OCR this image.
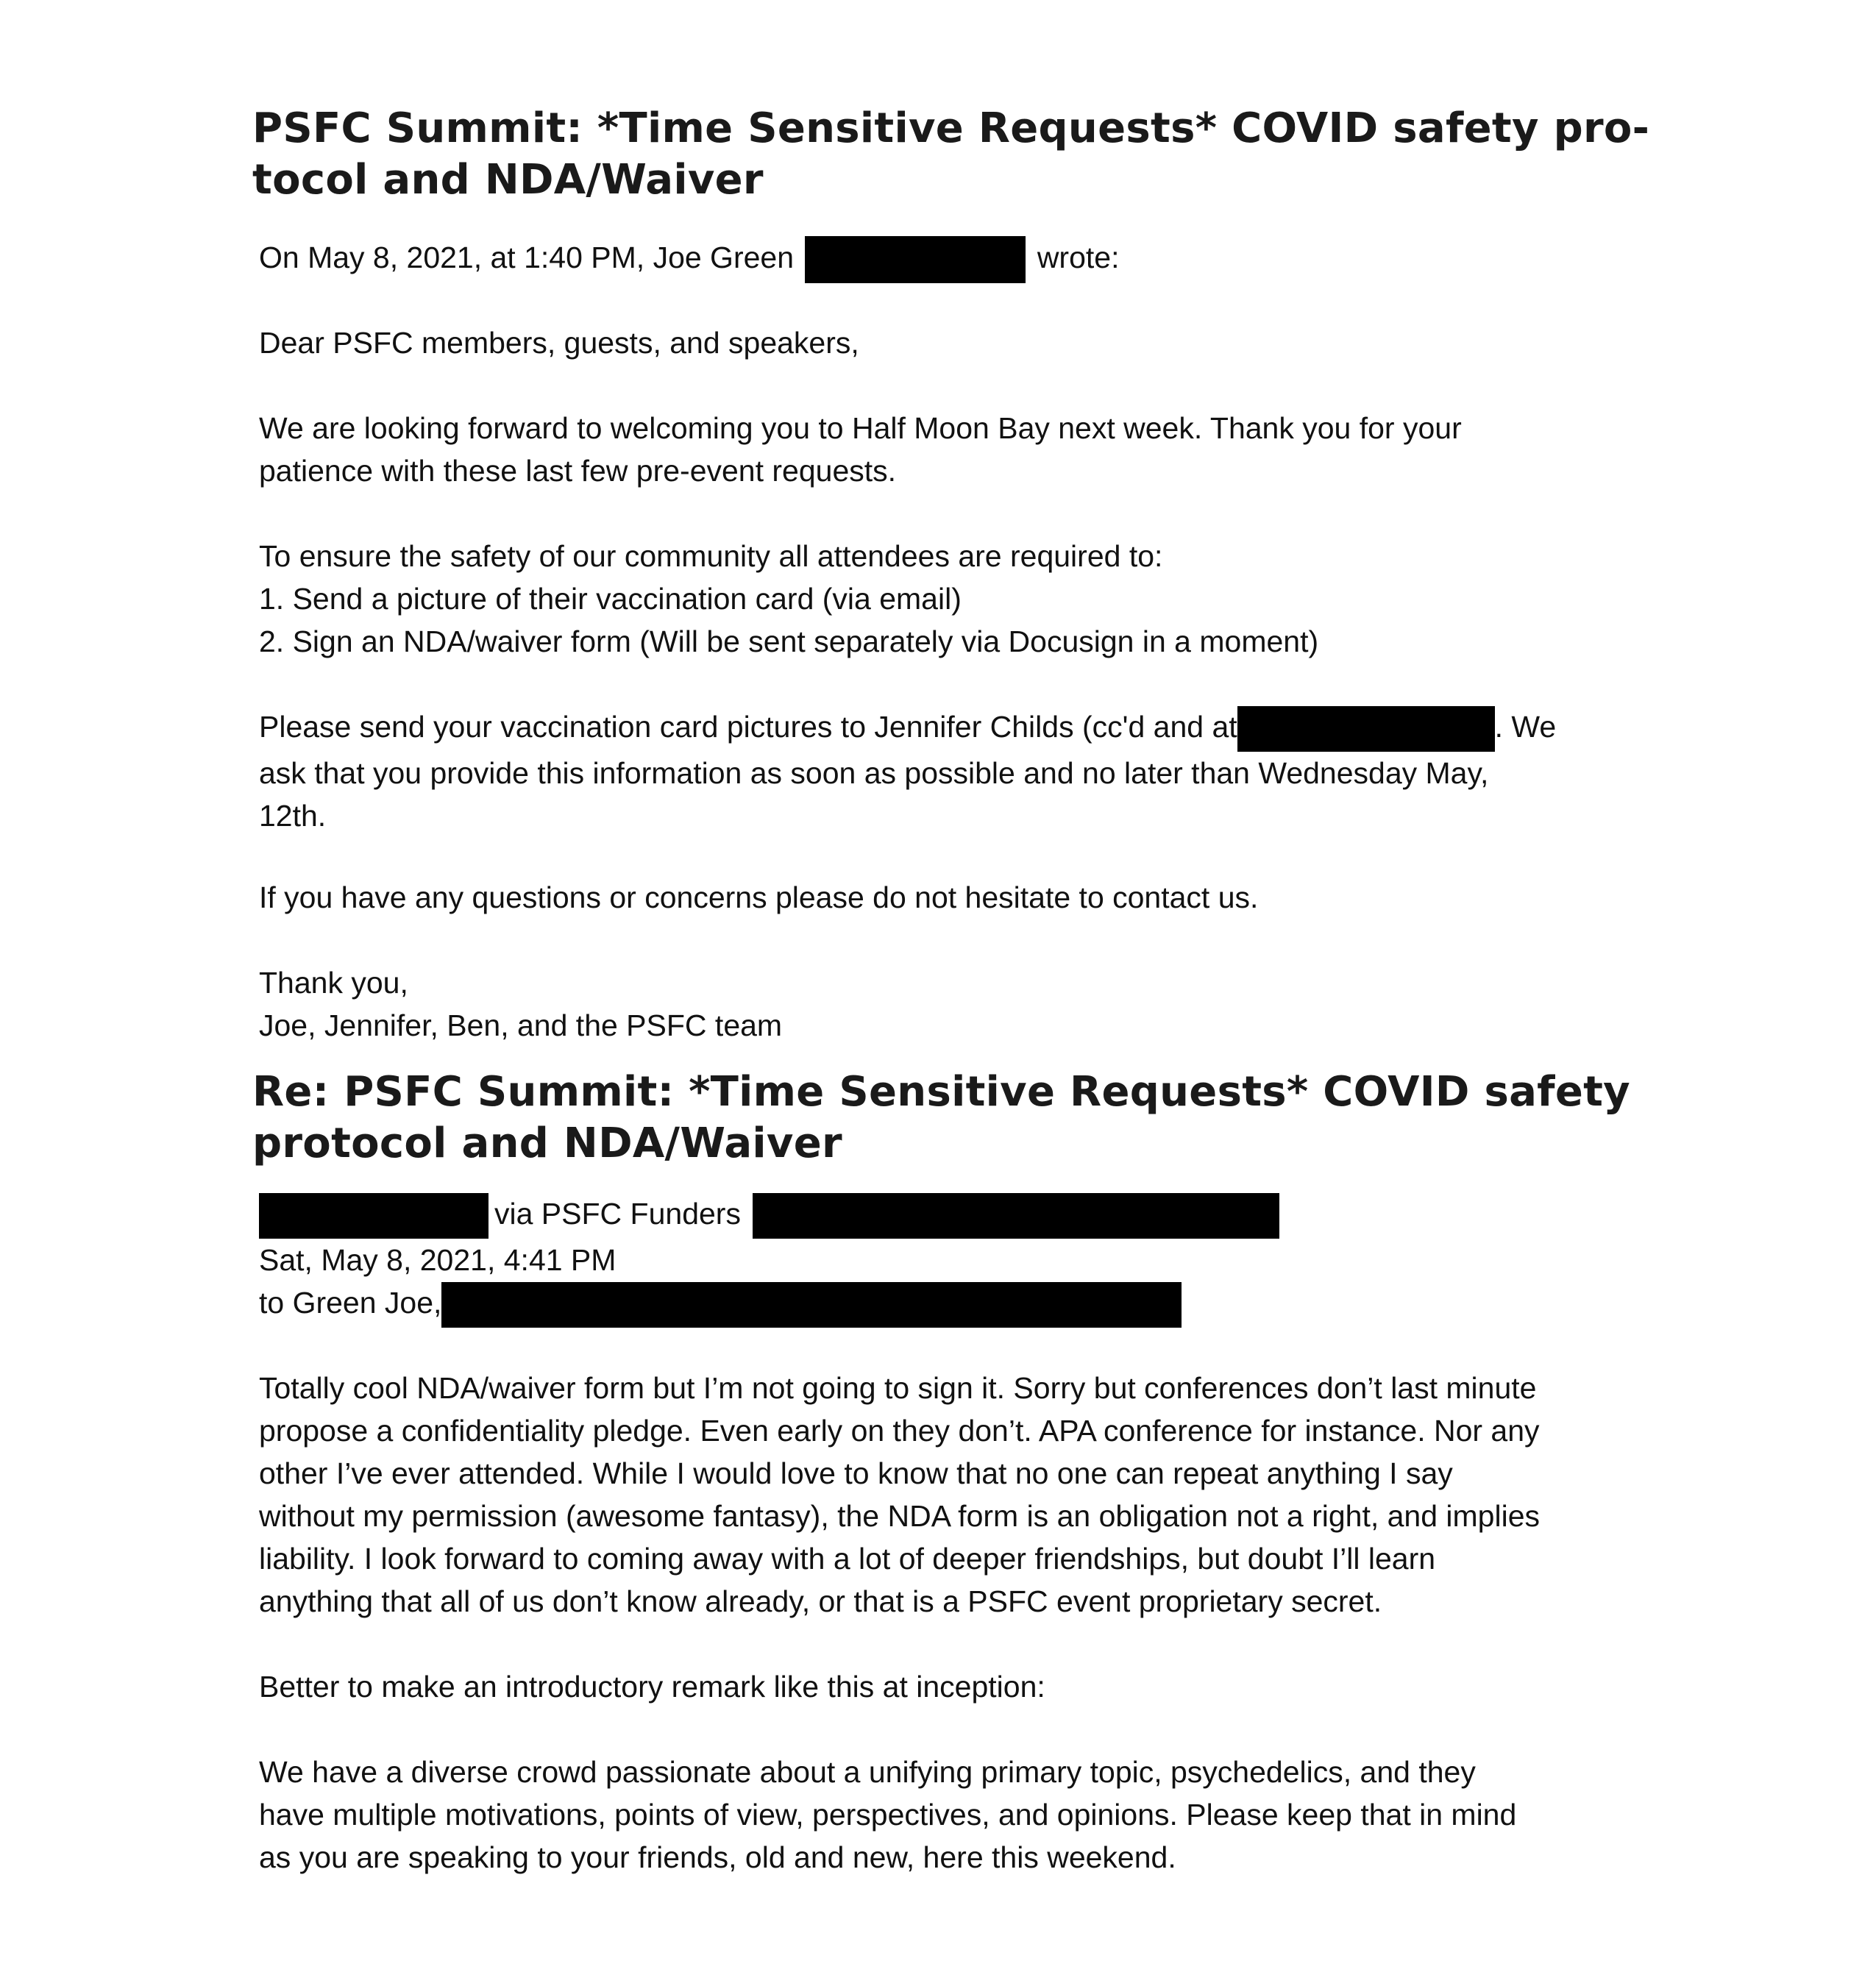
PSFC Summit: *Time Sensitive Requests* COVID safety pro-
tocol and NDA/Waiver
On May 8, 2021, at 1:40 PM, Joe Green	wrote:
Dear PSFC members, guests, and speakers,
We are looking forward to welcoming you to Half Moon Bay next week. Thank you for your
patience with these last few pre-event requests.
To ensure the safety of our community all attendees are required to:
1. Send a picture of their vaccination card (via email)
2. Sign an NDA/waiver form (Will be sent separately via Docusign in a moment)
Please send your vaccination card pictures to Jennifer Childs (cc'd and at	. We
ask that you provide this information as soon as possible and no later than Wednesday May,
12th.
If you have any questions or concerns please do not hesitate to contact us.
Thank you,
Joe, Jennifer, Ben, and the PSFC team
Re: PSFC Summit: *Time Sensitive Requests* COVID safety
protocol and NDA/Waiver
via PSFC Funders
Sat, May 8, 2021, 4:41 PM
to Green Joe,
Totally cool NDA/waiver form but I’m not going to sign it. Sorry but conferences don’t last minute
propose a confidentiality pledge. Even early on they don’t. APA conference for instance. Nor any
other I’ve ever attended. While I would love to know that no one can repeat anything I say
without my permission (awesome fantasy), the NDA form is an obligation not a right, and implies
liability. I look forward to coming away with a lot of deeper friendships, but doubt I’ll learn
anything that all of us don’t know already, or that is a PSFC event proprietary secret.
Better to make an introductory remark like this at inception:
We have a diverse crowd passionate about a unifying primary topic, psychedelics, and they
have multiple motivations, points of view, perspectives, and opinions. Please keep that in mind
as you are speaking to your friends, old and new, here this weekend.
